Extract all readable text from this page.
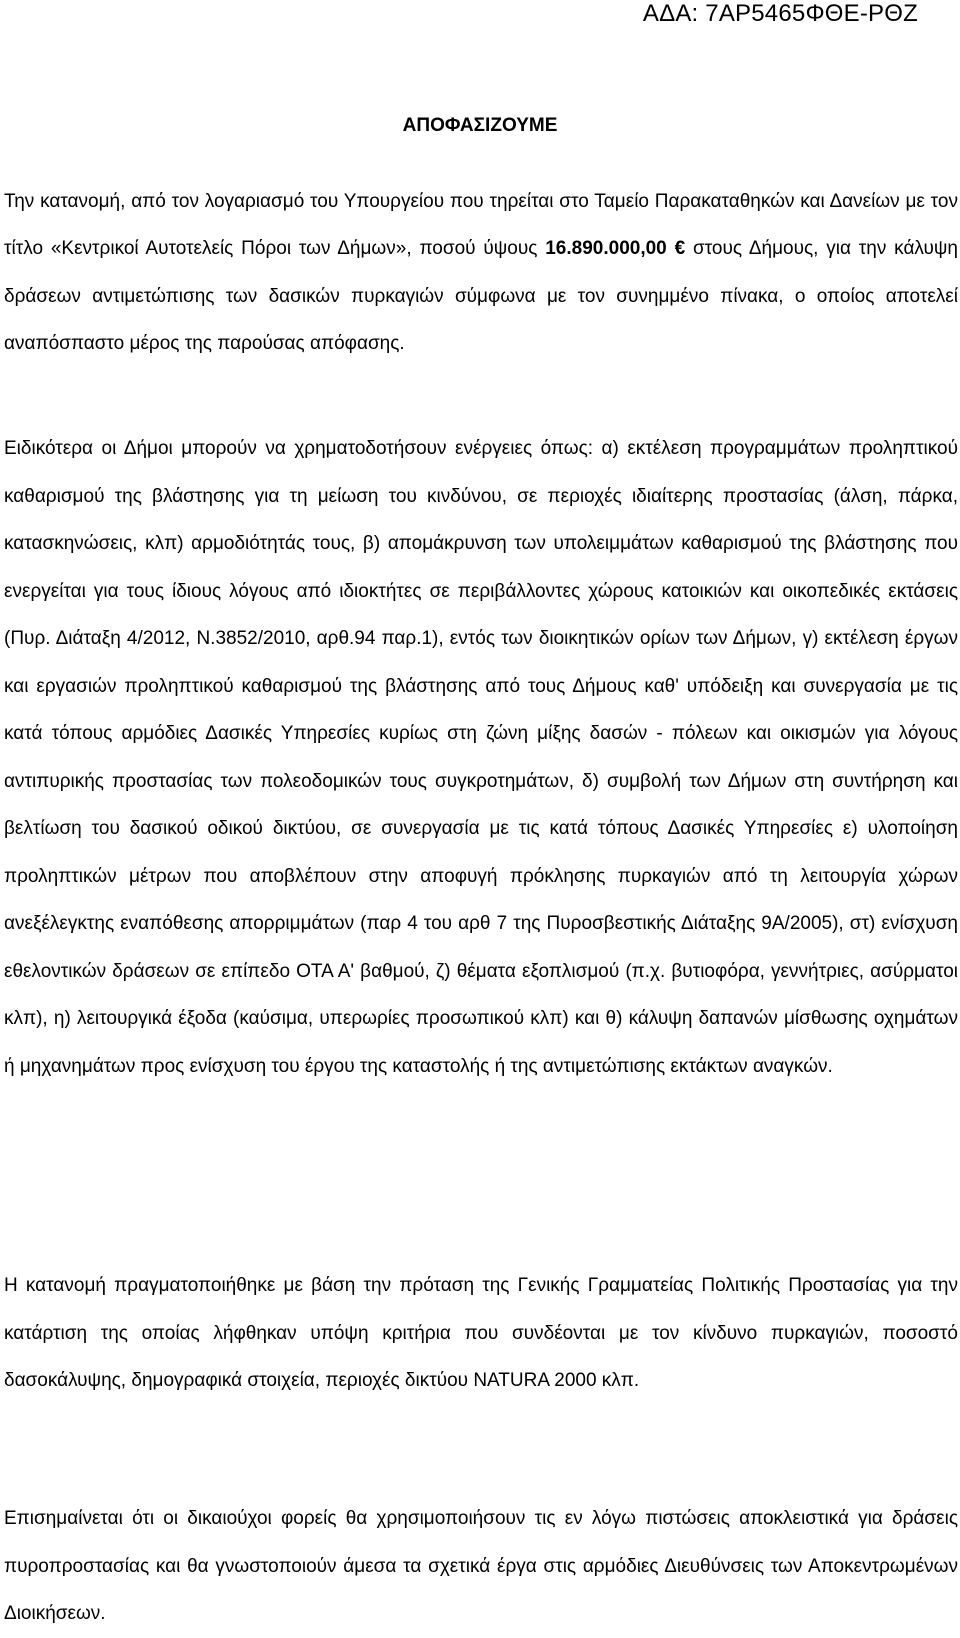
ΑΔΑ: 7ΑΡ5465ΦΘΕ-ΡΘΖ
ΑΠΟΦΑΣΙΖΟΥΜΕ
Την κατανομή, από τον λογαριασμό του Υπουργείου που τηρείται στο Ταμείο Παρακαταθηκών και Δανείων με τον τίτλο «Κεντρικοί Αυτοτελείς Πόροι των Δήμων», ποσού ύψους 16.890.000,00 € στους Δήμους, για την κάλυψη δράσεων αντιμετώπισης των δασικών πυρκαγιών σύμφωνα με τον συνημμένο πίνακα, ο οποίος αποτελεί αναπόσπαστο μέρος της παρούσας απόφασης.
Ειδικότερα οι Δήμοι μπορούν να χρηματοδοτήσουν ενέργειες όπως: α) εκτέλεση προγραμμάτων προληπτικού καθαρισμού της βλάστησης για τη μείωση του κινδύνου, σε περιοχές ιδιαίτερης προστασίας (άλση, πάρκα, κατασκηνώσεις, κλπ) αρμοδιότητάς τους, β) απομάκρυνση των υπολειμμάτων καθαρισμού της βλάστησης που ενεργείται για τους ίδιους λόγους από ιδιοκτήτες σε περιβάλλοντες χώρους κατοικιών και οικοπεδικές εκτάσεις (Πυρ. Διάταξη 4/2012, Ν.3852/2010, αρθ.94 παρ.1), εντός των διοικητικών ορίων των Δήμων, γ) εκτέλεση έργων και εργασιών προληπτικού καθαρισμού της βλάστησης από τους Δήμους καθ' υπόδειξη και συνεργασία με τις κατά τόπους αρμόδιες Δασικές Υπηρεσίες κυρίως στη ζώνη μίξης δασών - πόλεων και οικισμών για λόγους αντιπυρικής προστασίας των πολεοδομικών τους συγκροτημάτων, δ) συμβολή των Δήμων στη συντήρηση και βελτίωση του δασικού οδικού δικτύου, σε συνεργασία με τις κατά τόπους Δασικές Υπηρεσίες ε) υλοποίηση προληπτικών μέτρων που αποβλέπουν στην αποφυγή πρόκλησης πυρκαγιών από τη λειτουργία χώρων ανεξέλεγκτης εναπόθεσης απορριμμάτων (παρ 4 του αρθ 7 της Πυροσβεστικής Διάταξης 9Α/2005), στ) ενίσχυση εθελοντικών δράσεων σε επίπεδο ΟΤΑ Α' βαθμού, ζ) θέματα εξοπλισμού (π.χ. βυτιοφόρα, γεννήτριες, ασύρματοι κλπ), η) λειτουργικά έξοδα (καύσιμα, υπερωρίες προσωπικού κλπ) και θ) κάλυψη δαπανών μίσθωσης οχημάτων ή μηχανημάτων προς ενίσχυση του έργου της καταστολής ή της αντιμετώπισης εκτάκτων αναγκών.
Η κατανομή πραγματοποιήθηκε με βάση την πρόταση της Γενικής Γραμματείας Πολιτικής Προστασίας για την κατάρτιση της οποίας λήφθηκαν υπόψη κριτήρια που συνδέονται με τον κίνδυνο πυρκαγιών, ποσοστό δασοκάλυψης, δημογραφικά στοιχεία, περιοχές δικτύου NATURA 2000 κλπ.
Επισημαίνεται ότι οι δικαιούχοι φορείς θα χρησιμοποιήσουν τις εν λόγω πιστώσεις αποκλειστικά για δράσεις πυροπροστασίας και θα γνωστοποιούν άμεσα τα σχετικά έργα στις αρμόδιες Διευθύνσεις των Αποκεντρωμένων Διοικήσεων.
